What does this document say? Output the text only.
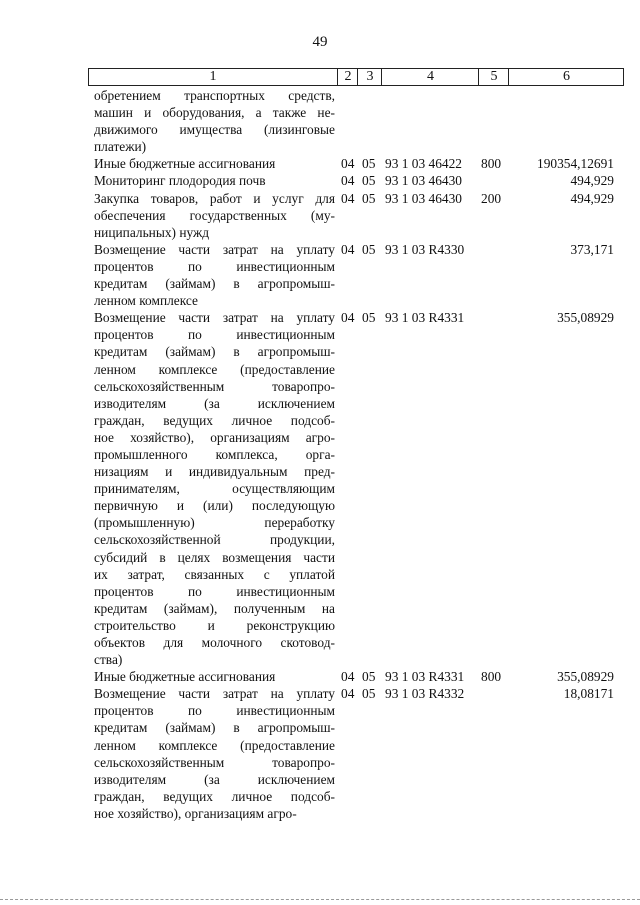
49
1	2	3	4	5	6
обретением транспортных средств,
машин и оборудования, а также не-
движимого имущества (лизинговые
платежи)
Иные бюджетные ассигнования	04 05 93 1 03 46422 800	190354,12691
Мониторинг плодородия почв	04 05 93 1 03 46430	494,929
Закупка товаров, работ и услуг для
обеспечения государственных (му-
ниципальных) нужд
04 05 93 1 03 46430 200	494,929
Возмещение части затрат на уплату
процентов по инвестиционным
кредитам (займам) в агропромыш-
ленном комплексе
04 05 93 1 03 R4330	373,171
Возмещение части затрат на уплату
процентов по инвестиционным
кредитам (займам) в агропромыш-
ленном комплексе (предоставление
сельскохозяйственным товаропро-
изводителям (за исключением
граждан, ведущих личное подсоб-
ное хозяйство), организациям агро-
промышленного комплекса, орга-
низациям и индивидуальным пред-
принимателям, осуществляющим
первичную и (или) последующую
(промышленную) переработку
сельскохозяйственной продукции,
субсидий в целях возмещения части
их затрат, связанных с уплатой
процентов по инвестиционным
кредитам (займам), полученным на
строительство и реконструкцию
объектов для молочного скотовод-
ства)
04 05 93 1 03 R4331	355,08929
Иные бюджетные ассигнования	04 05 93 1 03 R4331 800	355,08929
Возмещение части затрат на уплату
процентов по инвестиционным
кредитам (займам) в агропромыш-
ленном комплексе (предоставление
сельскохозяйственным товаропро-
изводителям (за исключением
граждан, ведущих личное подсоб-
ное хозяйство), организациям агро-
04 05 93 1 03 R4332	18,08171
